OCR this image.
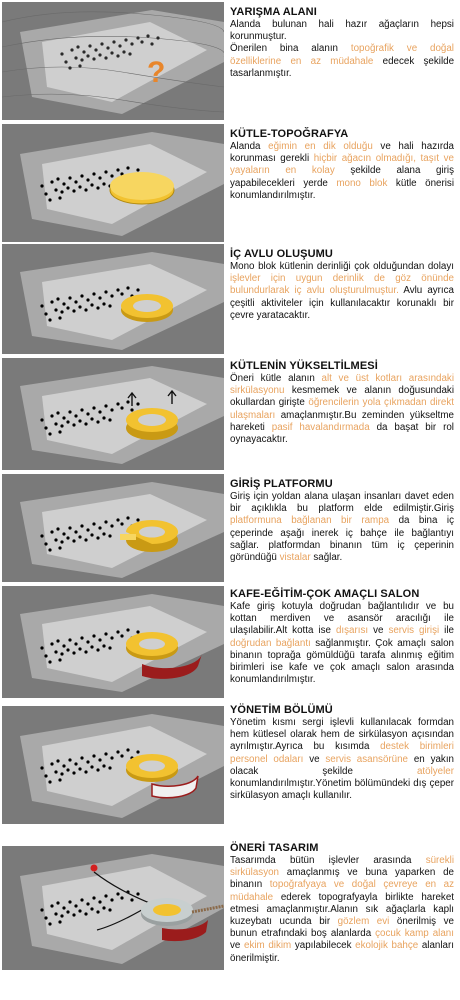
?

YARIŞMA ALANI

Alanda bulunan hali hazır ağaçların hepsi korunmuştur.
Önerilen bina alanın topoğrafik ve doğal özelliklerine en az müdahale edecek şekilde tasarlanmıştır.

KÜTLE-TOPOĞRAFYA

Alanda eğimin en dik olduğu ve hali hazırda korunması gerekli hiçbir ağacın olmadığı, taşıt ve yayaların en kolay şekilde alana giriş yapabilecekleri yerde mono blok kütle önerisi konumlandırılmıştır.

İÇ AVLU OLUŞUMU

Mono blok kütlenin derinliği çok olduğundan dolayı işlevler için uygun derinlik de göz önünde bulundurlarak iç avlu oluşturulmuştur. Avlu ayrıca çeşitli aktiviteler için kullanılacaktır korunaklı bir çevre yaratacaktır.

KÜTLENİN YÜKSELTİLMESİ

Öneri kütle alanın alt ve üst kotları arasındaki sirkülasyonu kesmemek ve alanın doğusundaki okullardan girişte öğrencilerin yola çıkmadan direkt ulaşmaları amaçlanmıştır.Bu zeminden yükseltme hareketi pasif havalandırmada da başat bir rol oynayacaktır.

GİRİŞ PLATFORMU

Giriş için yoldan alana ulaşan insanları davet eden bir açıklıkla bu platform elde edilmiştir.Giriş platformuna bağlanan bir rampa da bina iç çeperinde aşağı inerek iç bahçe ile bağlantıyı sağlar. platformdan binanın tüm iç çeperinin göründüğü vistalar sağlar.

KAFE-EĞİTİM-ÇOK AMAÇLI SALON

Kafe giriş kotuyla doğrudan bağlantılıdır ve bu kottan merdiven ve asansör aracılığı ile ulaşılabilir.Alt kotta ise dışarısı ve servis girişi ile doğrudan bağlantı sağlanmıştır. Çok amaçlı salon binanın toprağa gömüldüğü tarafa alınmış eğitim birimleri ise kafe ve çok amaçlı salon arasında konumlandırılmıştır.

YÖNETİM BÖLÜMÜ

Yönetim kısmı sergi işlevli kullanılacak formdan hem kütlesel olarak hem de sirkülasyon açısından ayrılmıştır.Ayrıca bu kısımda destek birimleri personel odaları ve servis asansörüne en yakın olacak şekilde atölyeler konumlandırılmıştır.Yönetim bölümündeki dış çeper sirkülasyon amaçlı kullanılır.

ÖNERİ TASARIM

Tasarımda bütün işlevler arasında sürekli sirkülasyon amaçlanmış ve buna yaparken de binanın topoğrafyaya ve doğal çevreye en az müdahale ederek topografyayla birlikte hareket etmesi amaçlanmıştır.Alanın sık ağaçlarla kaplı kuzeybatı ucunda bir gözlem evi önerilmiş ve bunun etrafındaki boş alanlarda çocuk kamp alanı ve ekim dikim yapılabilecek ekolojik bahçe alanları önerilmiştir.
